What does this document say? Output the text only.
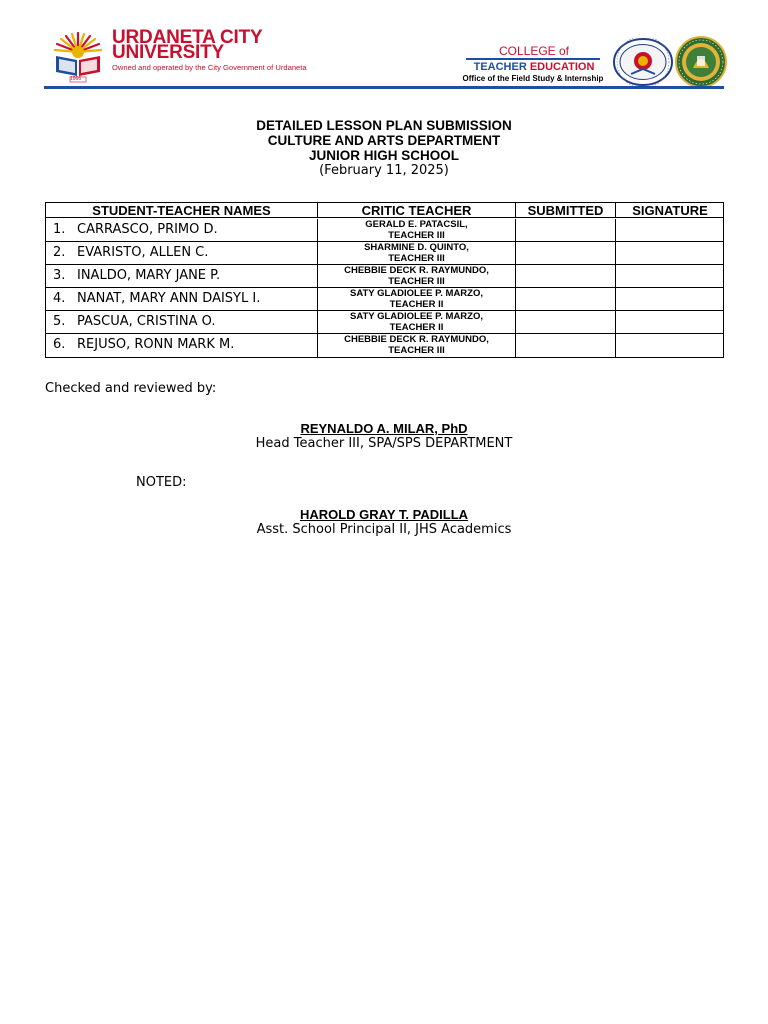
1966
URDANETA CITY
UNIVERSITY
Owned and operated by the City Government of Urdaneta
COLLEGE of
TEACHER EDUCATION
Office of the Field Study & Internship
DETAILED LESSON PLAN SUBMISSION
CULTURE AND ARTS DEPARTMENT
JUNIOR HIGH SCHOOL
(February 11, 2025)
STUDENT-TEACHER NAMES	CRITIC TEACHER	SUBMITTED	SIGNATURE
1. CARRASCO, PRIMO D.	GERALD E. PATACSIL,
TEACHER III
2. EVARISTO, ALLEN C.	SHARMINE D. QUINTO,
TEACHER III
3. INALDO, MARY JANE P.	CHEBBIE DECK R. RAYMUNDO,
TEACHER III
4. NANAT, MARY ANN DAISYL I.	SATY GLADIOLEE P. MARZO,
TEACHER II
5. PASCUA, CRISTINA O.	SATY GLADIOLEE P. MARZO,
TEACHER II
6. REJUSO, RONN MARK M.	CHEBBIE DECK R. RAYMUNDO,
TEACHER III
Checked and reviewed by:
REYNALDO A. MILAR, PhD
Head Teacher III, SPA/SPS DEPARTMENT
NOTED:
HAROLD GRAY T. PADILLA
Asst. School Principal II, JHS Academics
